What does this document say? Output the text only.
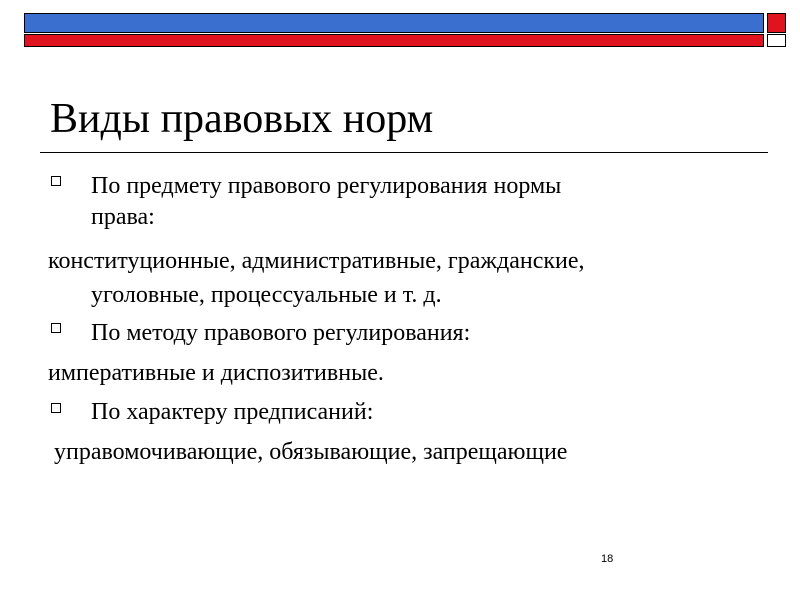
Виды правовых норм
По предмету правового регулирования нормы
права:
конституционные, административные, гражданские,
уголовные, процессуальные и т. д.
По методу правового регулирования:
императивные и диспозитивные.
По характеру предписаний:
управомочивающие, обязывающие, запрещающие
18
